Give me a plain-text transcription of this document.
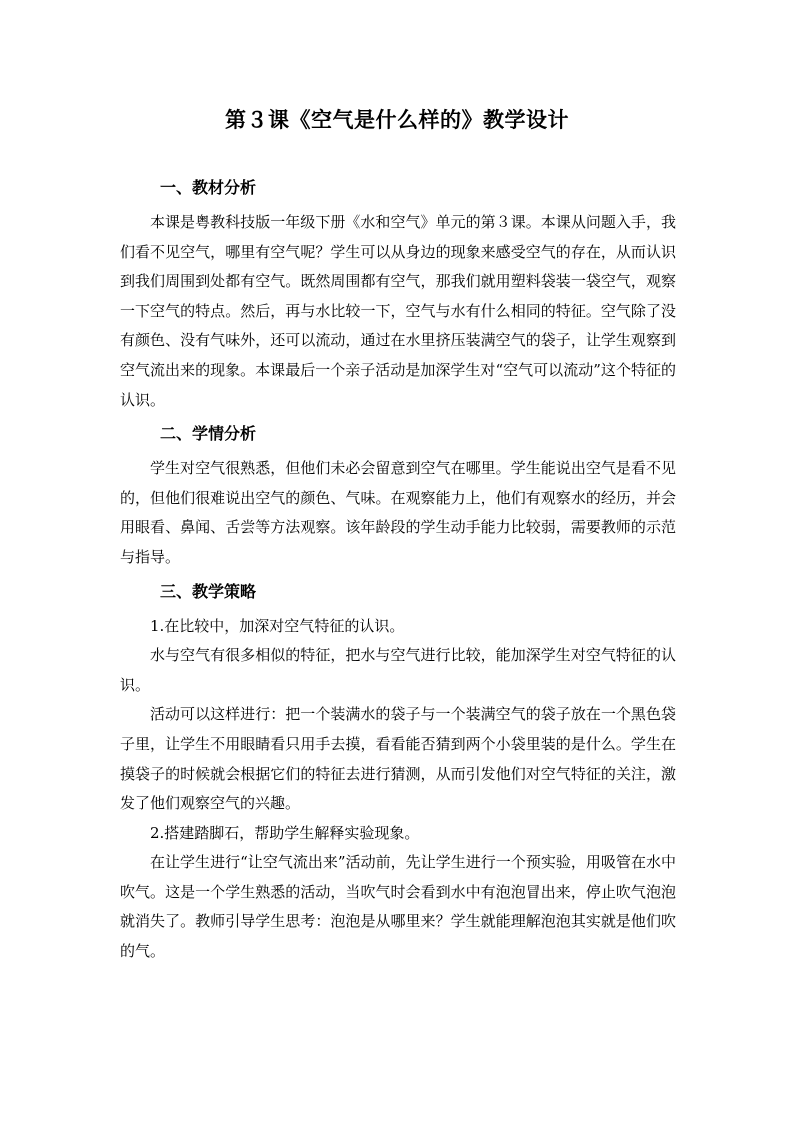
第３课《空气是什么样的》教学设计
一、教材分析

本课是粤教科技版一年级下册《水和空气》单元的第３课。本课从问题入手，我们看不见空气，哪里有空气呢？学生可以从身边的现象来感受空气的存在，从而认识到我们周围到处都有空气。既然周围都有空气，那我们就用塑料袋装一袋空气，观察一下空气的特点。然后，再与水比较一下，空气与水有什么相同的特征。空气除了没有颜色、没有气味外，还可以流动，通过在水里挤压装满空气的袋子，让学生观察到空气流出来的现象。本课最后一个亲子活动是加深学生对“空气可以流动”这个特征的认识。

二、学情分析

学生对空气很熟悉，但他们未必会留意到空气在哪里。学生能说出空气是看不见的，但他们很难说出空气的颜色、气味。在观察能力上，他们有观察水的经历，并会用眼看、鼻闻、舌尝等方法观察。该年龄段的学生动手能力比较弱，需要教师的示范与指导。

三、教学策略

1.在比较中，加深对空气特征的认识。

水与空气有很多相似的特征，把水与空气进行比较，能加深学生对空气特征的认识。

活动可以这样进行：把一个装满水的袋子与一个装满空气的袋子放在一个黑色袋子里，让学生不用眼睛看只用手去摸，看看能否猜到两个小袋里装的是什么。学生在摸袋子的时候就会根据它们的特征去进行猜测，从而引发他们对空气特征的关注，激发了他们观察空气的兴趣。

2.搭建踏脚石，帮助学生解释实验现象。

在让学生进行“让空气流出来”活动前，先让学生进行一个预实验，用吸管在水中吹气。这是一个学生熟悉的活动，当吹气时会看到水中有泡泡冒出来，停止吹气泡泡就消失了。教师引导学生思考：泡泡是从哪里来？学生就能理解泡泡其实就是他们吹的气。
